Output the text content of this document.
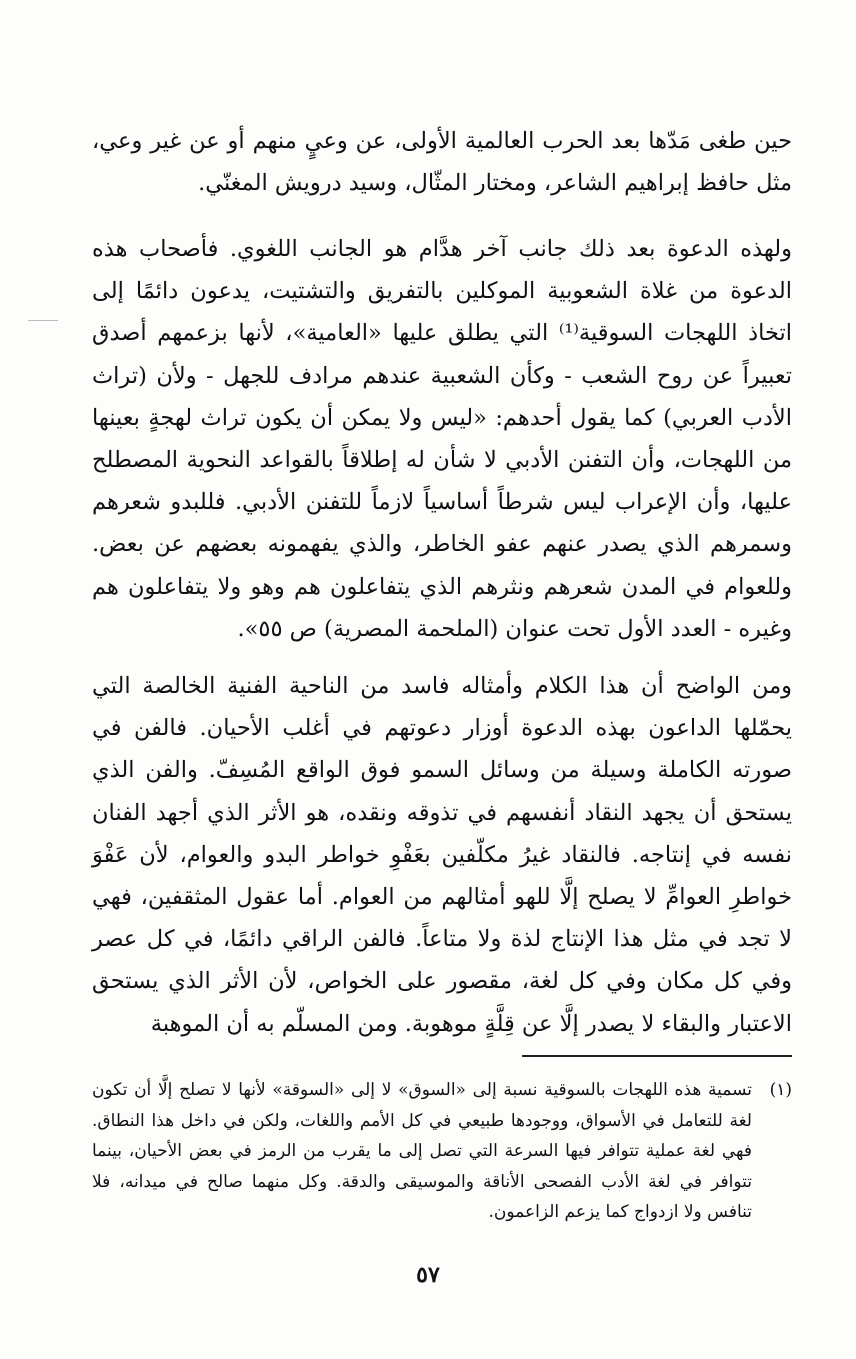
حين طغى مَدّها بعد الحرب العالمية الأولى، عن وعيٍ منهم أو عن غير وعي، مثل حافظ إبراهيم الشاعر، ومختار المثّال، وسيد درويش المغنّي.

ولهذه الدعوة بعد ذلك جانب آخر هدَّام هو الجانب اللغوي. فأصحاب هذه الدعوة من غلاة الشعوبية الموكلين بالتفريق والتشتيت، يدعون دائمًا إلى اتخاذ اللهجات السوقية⁽¹⁾ التي يطلق عليها «العامية»، لأنها بزعمهم أصدق تعبيراً عن روح الشعب - وكأن الشعبية عندهم مرادف للجهل - ولأن (تراث الأدب العربي) كما يقول أحدهم: «ليس ولا يمكن أن يكون تراث لهجةٍ بعينها من اللهجات، وأن التفنن الأدبي لا شأن له إطلاقاً بالقواعد النحوية المصطلح عليها، وأن الإعراب ليس شرطاً أساسياً لازماً للتفنن الأدبي. فللبدو شعرهم وسمرهم الذي يصدر عنهم عفو الخاطر، والذي يفهمونه بعضهم عن بعض. وللعوام في المدن شعرهم ونثرهم الذي يتفاعلون هم وهو ولا يتفاعلون هم وغيره - العدد الأول تحت عنوان (الملحمة المصرية) ص ٥٥».

ومن الواضح أن هذا الكلام وأمثاله فاسد من الناحية الفنية الخالصة التي يحمّلها الداعون بهذه الدعوة أوزار دعوتهم في أغلب الأحيان. فالفن في صورته الكاملة وسيلة من وسائل السمو فوق الواقع المُسِفّ. والفن الذي يستحق أن يجهد النقاد أنفسهم في تذوقه ونقده، هو الأثر الذي أجهد الفنان نفسه في إنتاجه. فالنقاد غيرُ مكلّفين بعَفْوِ خواطر البدو والعوام، لأن عَفْوَ خواطرِ العوامِّ لا يصلح إلَّا للهو أمثالهم من العوام. أما عقول المثقفين، فهي لا تجد في مثل هذا الإنتاج لذة ولا متاعاً. فالفن الراقي دائمًا، في كل عصر وفي كل مكان وفي كل لغة، مقصور على الخواص، لأن الأثر الذي يستحق الاعتبار والبقاء لا يصدر إلَّا عن قِلَّةٍ موهوبة. ومن المسلّم به أن الموهبة

(١)

تسمية هذه اللهجات بالسوقية نسبة إلى «السوق» لا إلى «السوقة» لأنها لا تصلح إلَّا أن تكون لغة للتعامل في الأسواق، ووجودها طبيعي في كل الأمم واللغات، ولكن في داخل هذا النطاق. فهي لغة عملية تتوافر فيها السرعة التي تصل إلى ما يقرب من الرمز في بعض الأحيان، بينما تتوافر في لغة الأدب الفصحى الأناقة والموسيقى والدقة. وكل منهما صالح في ميدانه، فلا تنافس ولا ازدواج كما يزعم الزاعمون.

٥٧
